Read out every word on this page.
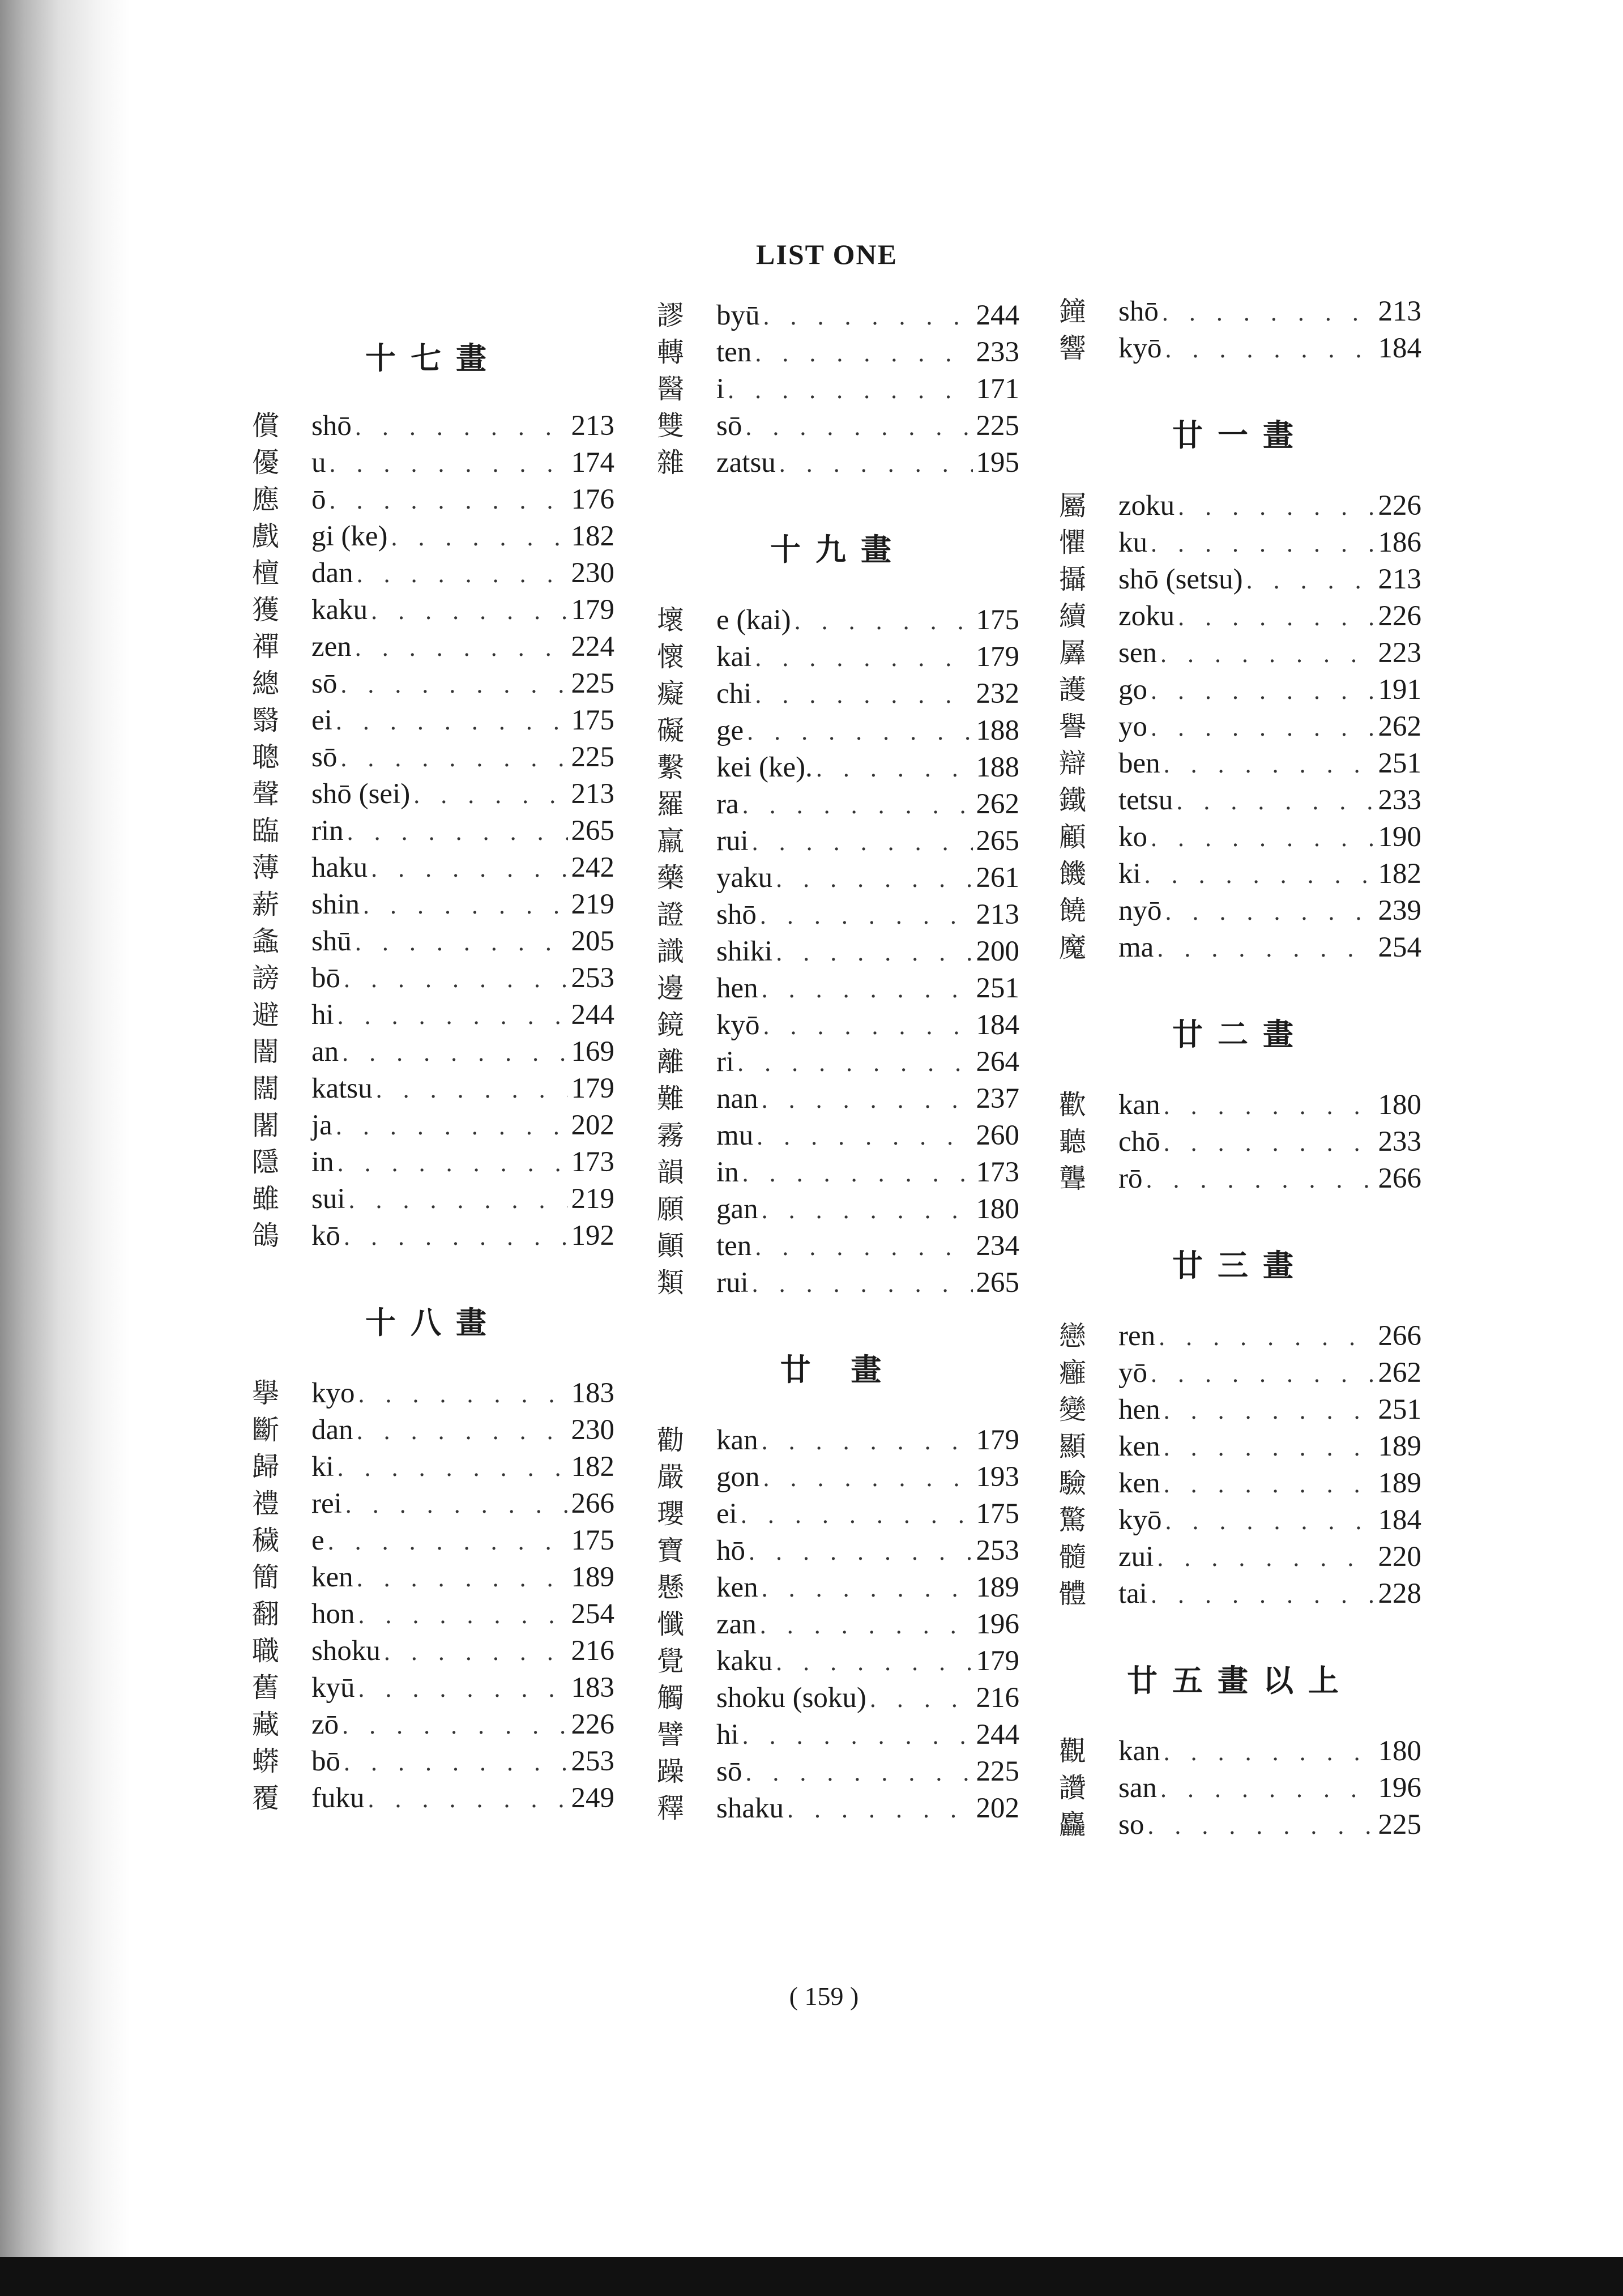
LIST ONE
十七畫
償	shō . . .	213
優	u . . .	174
應	ō . . .	176
戲	gi (ke) . . .	182
檀	dan . . .	230
獲	kaku . . .	179
禪	zen . . .	224
總	sō . . .	225
翳	ei . . .	175
聰	sō . . .	225
聲	shō (sei) . . .	213
臨	rin . . .	265
薄	haku . . .	242
薪	shin . . .	219
螽	shū . . .	205
謗	bō . . .	253
避	hi . . .	244
闇	an . . .	169
闊	katsu . . .	179
闍	ja . . .	202
隱	in . . .	173
雖	sui . . .	219
鴿	kō . . .	192
十八畫
擧	kyo . . .	183
斷	dan . . .	230
歸	ki . . .	182
禮	rei . . .	266
穢	e . . .	175
簡	ken . . .	189
翻	hon . . .	254
職	shoku . . .	216
舊	kyū . . .	183
藏	zō . . .	226
蟒	bō . . .	253
覆	fuku . . .	249
謬	byū . . .	244
轉	ten . . .	233
醫	i . . .	171
雙	sō . . .	225
雜	zatsu . . .	195
十九畫
壞	e (kai) . . .	175
懷	kai . . .	179
癡	chi . . .	232
礙	ge . . .	188
繫	kei (ke). . . .	188
羅	ra . . .	262
羸	rui . . .	265
藥	yaku . . .	261
證	shō . . .	213
識	shiki . . .	200
邊	hen . . .	251
鏡	kyō . . .	184
離	ri . . .	264
難	nan . . .	237
霧	mu . . .	260
韻	in . . .	173
願	gan . . .	180
顚	ten . . .	234
類	rui . . .	265
廿 畫
勸	kan . . .	179
嚴	gon . . .	193
瓔	ei . . .	175
寶	hō . . .	253
懸	ken . . .	189
懺	zan . . .	196
覺	kaku . . .	179
觸	shoku (soku) . . .	216
譬	hi . . .	244
躁	sō . . .	225
釋	shaku . . .	202
鐘	shō . . .	213
響	kyō . . .	184
廿一畫
屬	zoku . . .	226
懼	ku . . .	186
攝	shō (setsu) . . .	213
續	zoku . . .	226
羼	sen . . .	223
護	go . . .	191
譽	yo . . .	262
辯	ben . . .	251
鐵	tetsu . . .	233
顧	ko . . .	190
饑	ki . . .	182
饒	nyō . . .	239
魔	ma . . .	254
廿二畫
歡	kan . . .	180
聽	chō . . .	233
聾	rō . . .	266
廿三畫
戀	ren . . .	266
癰	yō . . .	262
變	hen . . .	251
顯	ken . . .	189
驗	ken . . .	189
驚	kyō . . .	184
髓	zui . . .	220
體	tai . . .	228
廿五畫以上
觀	kan . . .	180
讚	san . . .	196
麤	so . . .	225
( 159 )
